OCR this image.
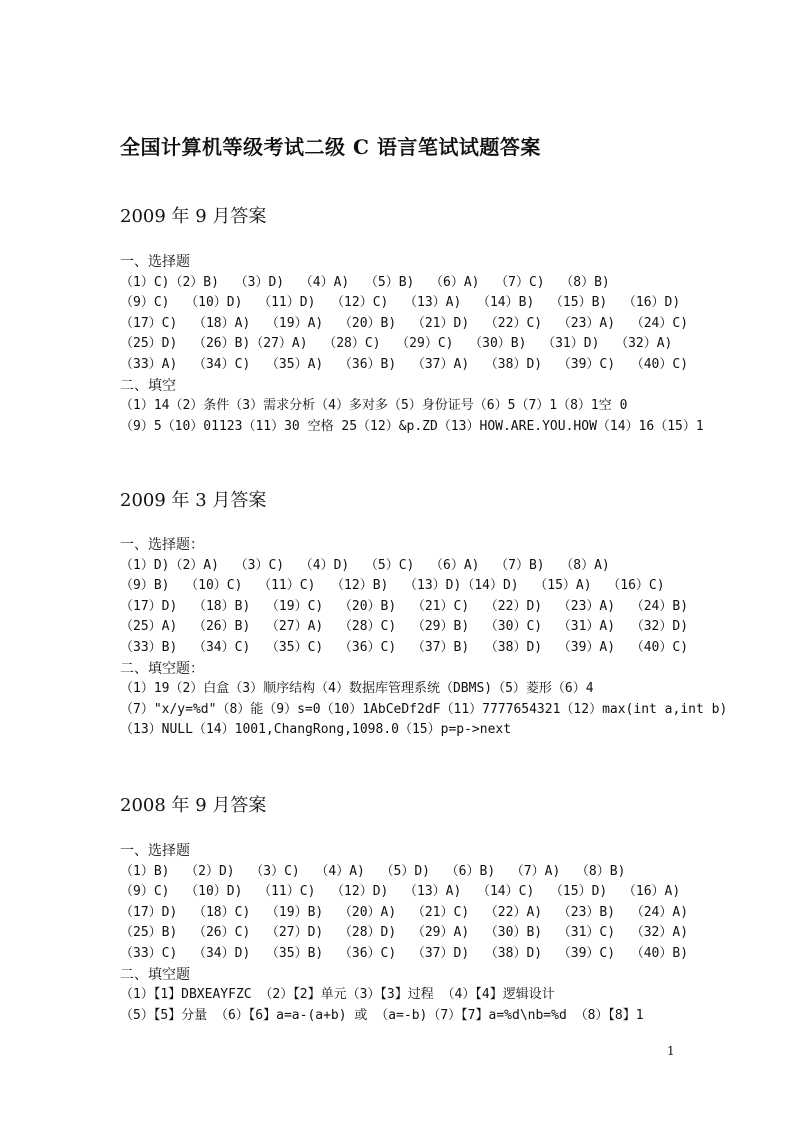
全国计算机等级考试二级 C 语言笔试试题答案
2009 年 9 月答案
一、选择题
（1）C)（2）B)  （3）D)  （4）A)  （5）B)  （6）A)  （7）C)  （8）B)
（9）C)  （10）D)  （11）D)  （12）C)  （13）A)  （14）B)  （15）B)  （16）D)
（17）C)  （18）A)  （19）A)  （20）B)  （21）D)  （22）C)  （23）A)  （24）C)
（25）D)  （26）B)（27）A)  （28）C)  （29）C)  （30）B)  （31）D)  （32）A)
（33）A)  （34）C)  （35）A)  （36）B)  （37）A)  （38）D)  （39）C)  （40）C)
二、填空
（1）14（2）条件（3）需求分析（4）多对多（5）身份证号（6）5（7）1（8）1空 0
（9）5（10）01123（11）30 空格 25（12）&p.ZD（13）HOW.ARE.YOU.HOW（14）16（15）1
2009 年 3 月答案
一、选择题：
（1）D)（2）A)  （3）C)  （4）D)  （5）C)  （6）A)  （7）B)  （8）A)
（9）B)  （10）C)  （11）C)  （12）B)  （13）D)（14）D)  （15）A)  （16）C)
（17）D)  （18）B)  （19）C)  （20）B)  （21）C)  （22）D)  （23）A)  （24）B)
（25）A)  （26）B)  （27）A)  （28）C)  （29）B)  （30）C)  （31）A)  （32）D)
（33）B)  （34）C)  （35）C)  （36）C)  （37）B)  （38）D)  （39）A)  （40）C)
二、填空题：
（1）19（2）白盒（3）顺序结构（4）数据库管理系统（DBMS)（5）菱形（6）4
（7）"x/y=%d"（8）能（9）s=0（10）1AbCeDf2dF（11）7777654321（12）max(int a,int b)
（13）NULL（14）1001,ChangRong,1098.0（15）p=p->next
2008 年 9 月答案
一、选择题
（1）B)  （2）D)  （3）C)  （4）A)  （5）D)  （6）B)  （7）A)  （8）B)
（9）C)  （10）D)  （11）C)  （12）D)  （13）A)  （14）C)  （15）D)  （16）A)
（17）D)  （18）C)  （19）B)  （20）A)  （21）C)  （22）A)  （23）B)  （24）A)
（25）B)  （26）C)  （27）D)  （28）D)  （29）A)  （30）B)  （31）C)  （32）A)
（33）C)  （34）D)  （35）B)  （36）C)  （37）D)  （38）D)  （39）C)  （40）B)
二、填空题
（1）【1】DBXEAYFZC （2）【2】单元（3）【3】过程 （4）【4】逻辑设计
（5）【5】分量 （6）【6】a=a-(a+b) 或 （a=-b)（7）【7】a=%d\nb=%d （8）【8】1
1
